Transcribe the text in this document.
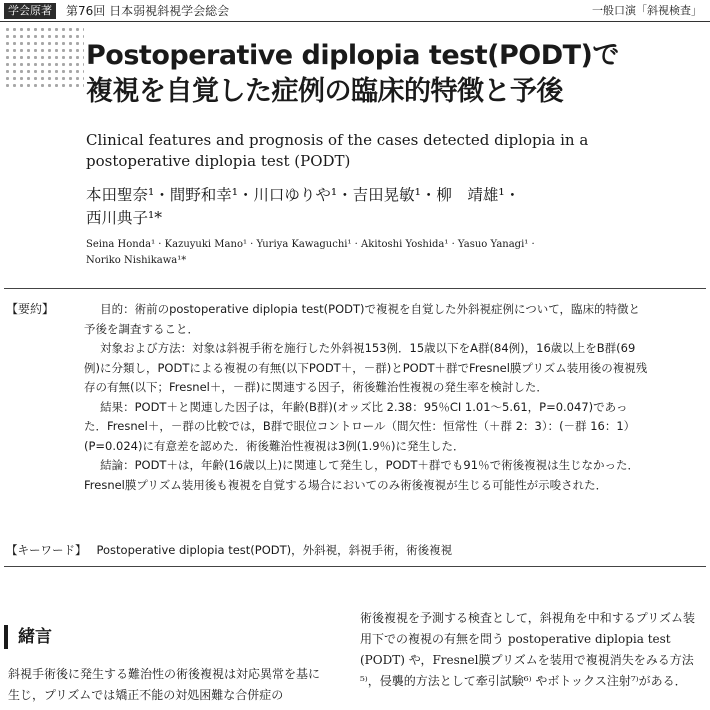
学会原著	第76回 日本弱視斜視学会総会	一般口演「斜視検査」
Postoperative diplopia test(PODT)で
複視を自覚した症例の臨床的特徴と予後
Clinical features and prognosis of the cases detected diplopia in a
postoperative diplopia test (PODT)
本田聖奈¹・間野和幸¹・川口ゆりや¹・吉田晃敏¹・柳　靖雄¹・
西川典子¹*
Seina Honda¹ · Kazuyuki Mano¹ · Yuriya Kawaguchi¹ · Akitoshi Yoshida¹ · Yasuo Yanagi¹ ·
Noriko Nishikawa¹*
【要約】	目的：術前のpostoperative diplopia test(PODT)で複視を自覚した外斜視症例について，臨床的特徴と予後を調査すること．

対象および方法：対象は斜視手術を施行した外斜視153例．15歳以下をA群(84例)，16歳以上をB群(69例)に分類し，PODTによる複視の有無(以下PODT＋，－群)とPODT＋群でFresnel膜プリズム装用後の複視残存の有無(以下；Fresnel＋，－群)に関連する因子，術後難治性複視の発生率を検討した．

結果：PODT＋と関連した因子は，年齢(B群)(オッズ比 2.38：95％CI 1.01～5.61，P=0.047)であった．Fresnel＋，－群の比較では，B群で眼位コントロール（間欠性：恒常性（＋群 2：3）：(－群 16：1）(P=0.024)に有意差を認めた．術後難治性複視は3例(1.9％)に発生した．

結論：PODT＋は，年齢(16歳以上)に関連して発生し，PODT＋群でも91％で術後複視は生じなかった．Fresnel膜プリズム装用後も複視を自覚する場合においてのみ術後複視が生じる可能性が示唆された．

【キーワード】 Postoperative diplopia test(PODT)，外斜視，斜視手術，術後複視
緒言

斜視手術後に発生する難治性の術後複視は対応異常を基に生じ，プリズムでは矯正不能の対処困難な合併症の

術後複視を予測する検査として，斜視角を中和するプリズム装用下での複視の有無を問う postoperative diplopia test (PODT) や，Fresnel膜プリズムを装用で複視消失をみる方法⁵⁾，侵襲的方法として牽引試験⁶⁾ やボトックス注射⁷⁾がある．
